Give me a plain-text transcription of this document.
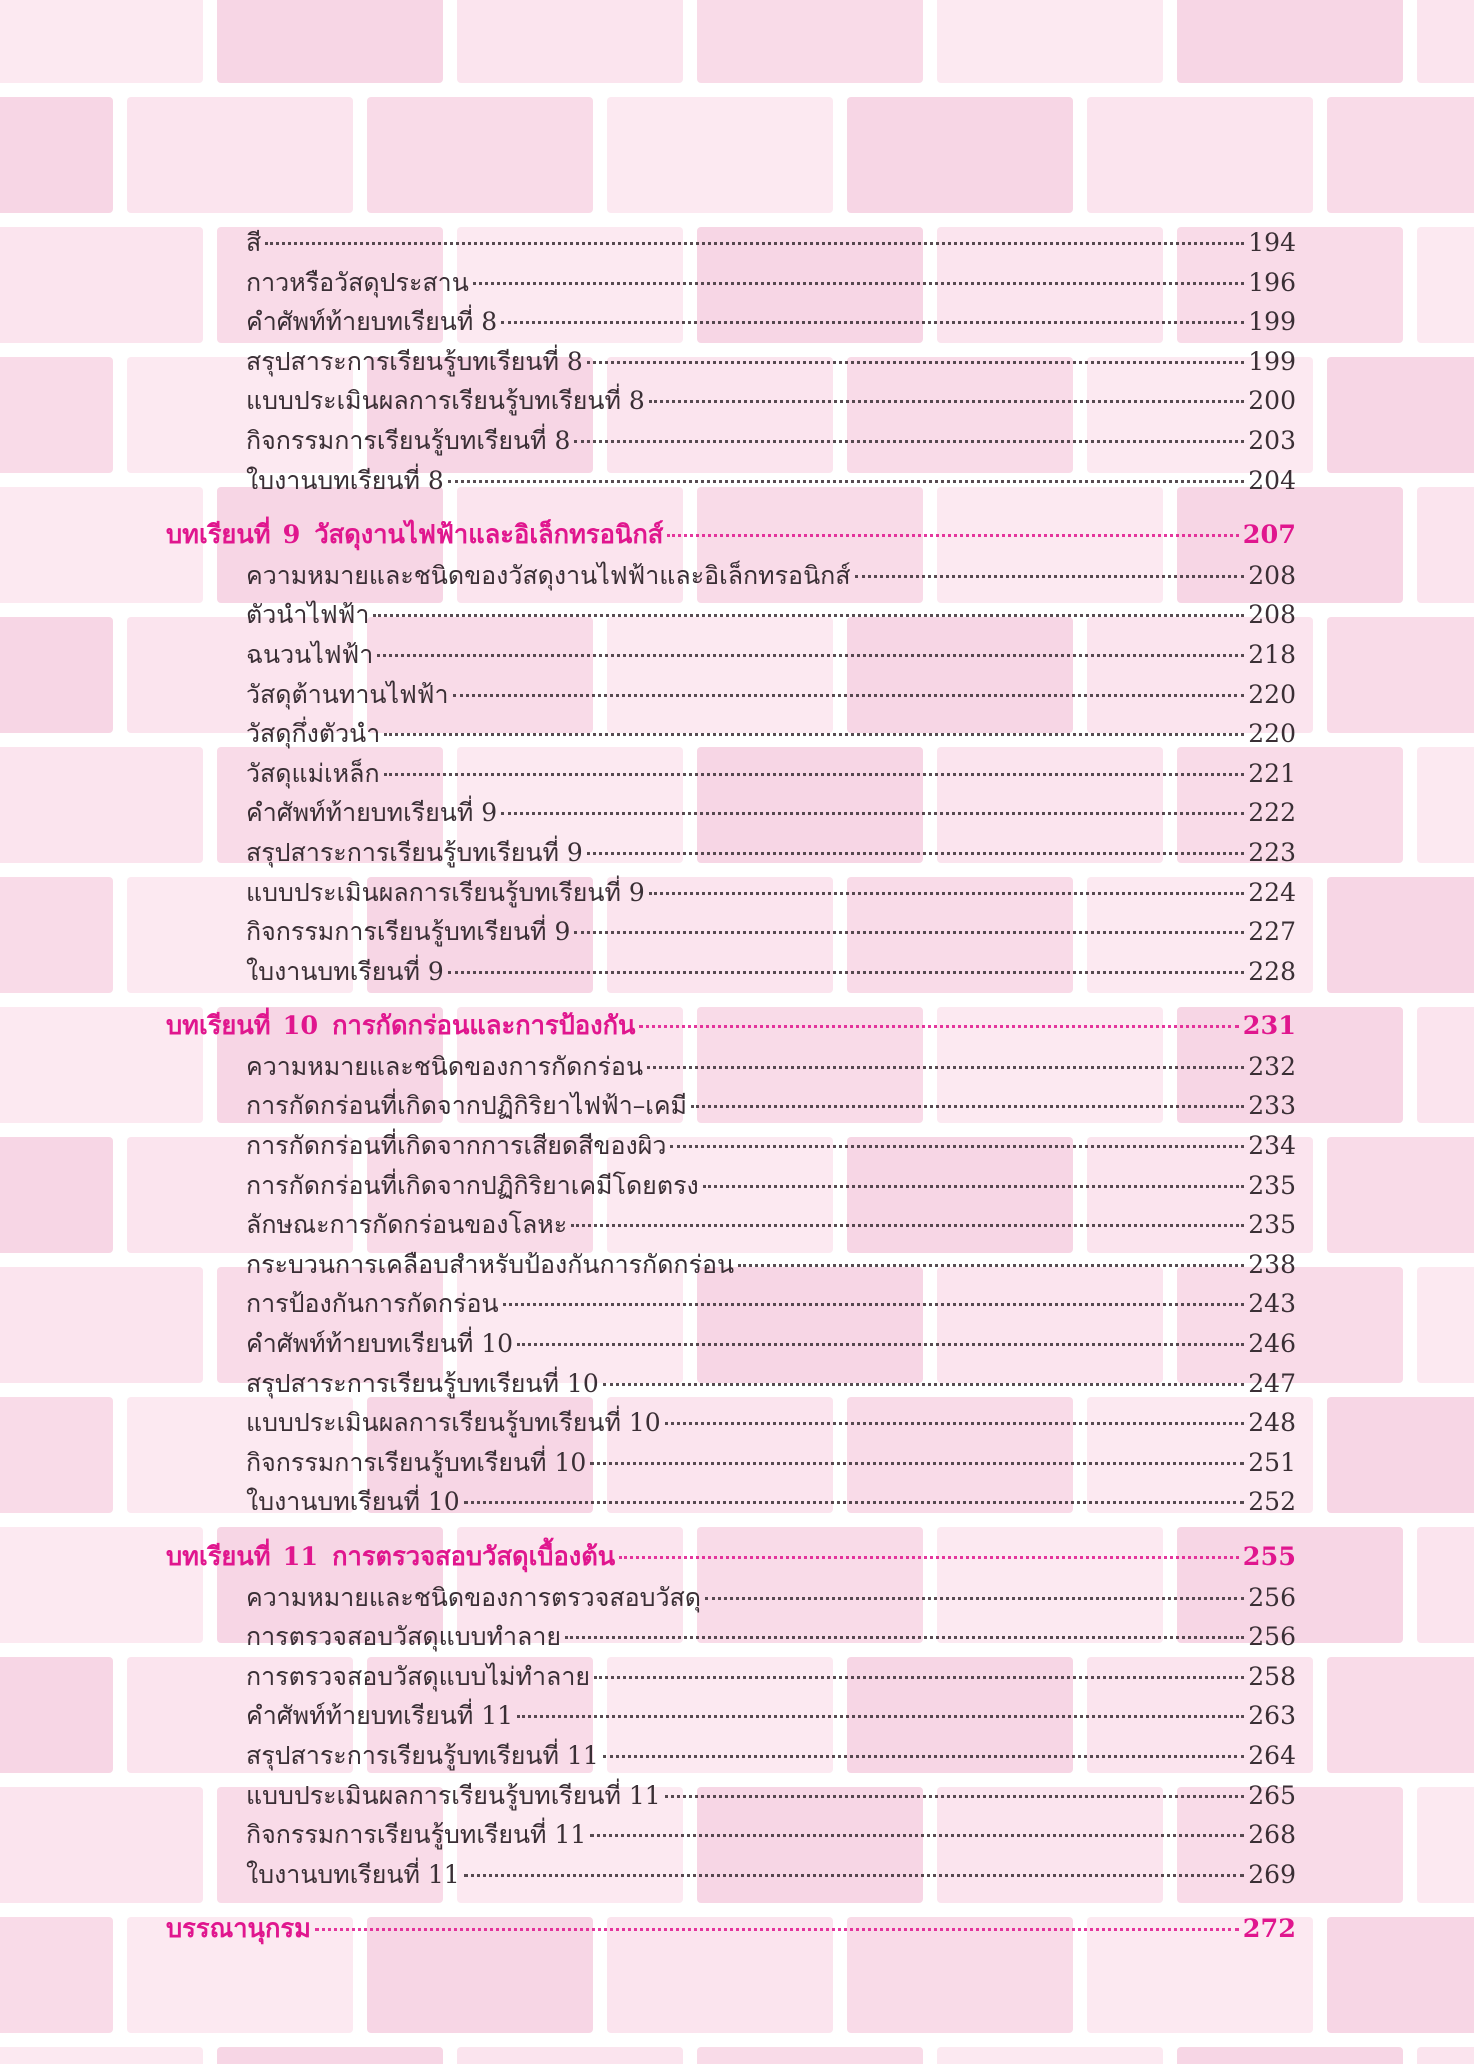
สี	194
กาวหรือวัสดุประสาน	196
คำศัพท์ท้ายบทเรียนที่ 8	199
สรุปสาระการเรียนรู้บทเรียนที่ 8	199
แบบประเมินผลการเรียนรู้บทเรียนที่ 8	200
กิจกรรมการเรียนรู้บทเรียนที่ 8	203
ใบงานบทเรียนที่ 8	204
บทเรียนที่ 9 วัสดุงานไฟฟ้าและอิเล็กทรอนิกส์	207
ความหมายและชนิดของวัสดุงานไฟฟ้าและอิเล็กทรอนิกส์	208
ตัวนำไฟฟ้า	208
ฉนวนไฟฟ้า	218
วัสดุต้านทานไฟฟ้า	220
วัสดุกึ่งตัวนำ	220
วัสดุแม่เหล็ก	221
คำศัพท์ท้ายบทเรียนที่ 9	222
สรุปสาระการเรียนรู้บทเรียนที่ 9	223
แบบประเมินผลการเรียนรู้บทเรียนที่ 9	224
กิจกรรมการเรียนรู้บทเรียนที่ 9	227
ใบงานบทเรียนที่ 9	228
บทเรียนที่ 10 การกัดกร่อนและการป้องกัน	231
ความหมายและชนิดของการกัดกร่อน	232
การกัดกร่อนที่เกิดจากปฏิกิริยาไฟฟ้า–เคมี	233
การกัดกร่อนที่เกิดจากการเสียดสีของผิว	234
การกัดกร่อนที่เกิดจากปฏิกิริยาเคมีโดยตรง	235
ลักษณะการกัดกร่อนของโลหะ	235
กระบวนการเคลือบสำหรับป้องกันการกัดกร่อน	238
การป้องกันการกัดกร่อน	243
คำศัพท์ท้ายบทเรียนที่ 10	246
สรุปสาระการเรียนรู้บทเรียนที่ 10	247
แบบประเมินผลการเรียนรู้บทเรียนที่ 10	248
กิจกรรมการเรียนรู้บทเรียนที่ 10	251
ใบงานบทเรียนที่ 10	252
บทเรียนที่ 11 การตรวจสอบวัสดุเบื้องต้น	255
ความหมายและชนิดของการตรวจสอบวัสดุ	256
การตรวจสอบวัสดุแบบทำลาย	256
การตรวจสอบวัสดุแบบไม่ทำลาย	258
คำศัพท์ท้ายบทเรียนที่ 11	263
สรุปสาระการเรียนรู้บทเรียนที่ 11	264
แบบประเมินผลการเรียนรู้บทเรียนที่ 11	265
กิจกรรมการเรียนรู้บทเรียนที่ 11	268
ใบงานบทเรียนที่ 11	269
บรรณานุกรม	272
